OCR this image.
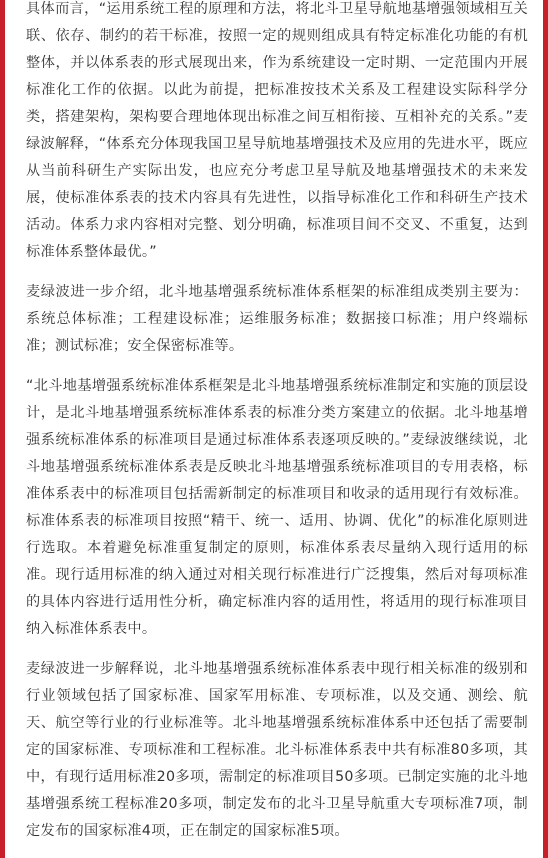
具体而言，“运用系统工程的原理和方法，将北斗卫星导航地基增强领域相互关联、依存、制约的若干标准，按照一定的规则组成具有特定标准化功能的有机整体，并以体系表的形式展现出来，作为系统建设一定时期、一定范围内开展标准化工作的依据。以此为前提，把标准按技术关系及工程建设实际科学分类，搭建架构，架构要合理地体现出标准之间互相衔接、互相补充的关系。”麦绿波解释，“体系充分体现我国卫星导航地基增强技术及应用的先进水平，既应从当前科研生产实际出发，也应充分考虑卫星导航及地基增强技术的未来发展，使标准体系表的技术内容具有先进性，以指导标准化工作和科研生产技术活动。体系力求内容相对完整、划分明确，标准项目间不交叉、不重复，达到标准体系整体最优。”

麦绿波进一步介绍，北斗地基增强系统标准体系框架的标准组成类别主要为：系统总体标准；工程建设标准；运维服务标准；数据接口标准；用户终端标准；测试标准；安全保密标准等。

“北斗地基增强系统标准体系框架是北斗地基增强系统标准制定和实施的顶层设计，是北斗地基增强系统标准体系表的标准分类方案建立的依据。北斗地基增强系统标准体系的标准项目是通过标准体系表逐项反映的。”麦绿波继续说，北斗地基增强系统标准体系表是反映北斗地基增强系统标准项目的专用表格，标准体系表中的标准项目包括需新制定的标准项目和收录的适用现行有效标准。标准体系表的标准项目按照“精干、统一、适用、协调、优化”的标准化原则进行选取。本着避免标准重复制定的原则，标准体系表尽量纳入现行适用的标准。现行适用标准的纳入通过对相关现行标准进行广泛搜集，然后对每项标准的具体内容进行适用性分析，确定标准内容的适用性，将适用的现行标准项目纳入标准体系表中。

麦绿波进一步解释说，北斗地基增强系统标准体系表中现行相关标准的级别和行业领域包括了国家标准、国家军用标准、专项标准，以及交通、测绘、航天、航空等行业的行业标准等。北斗地基增强系统标准体系中还包括了需要制定的国家标准、专项标准和工程标准。北斗标准体系表中共有标准80多项，其中，有现行适用标准20多项，需制定的标准项目50多项。已制定实施的北斗地基增强系统工程标准20多项，制定发布的北斗卫星导航重大专项标准7项，制定发布的国家标准4项，正在制定的国家标准5项。
